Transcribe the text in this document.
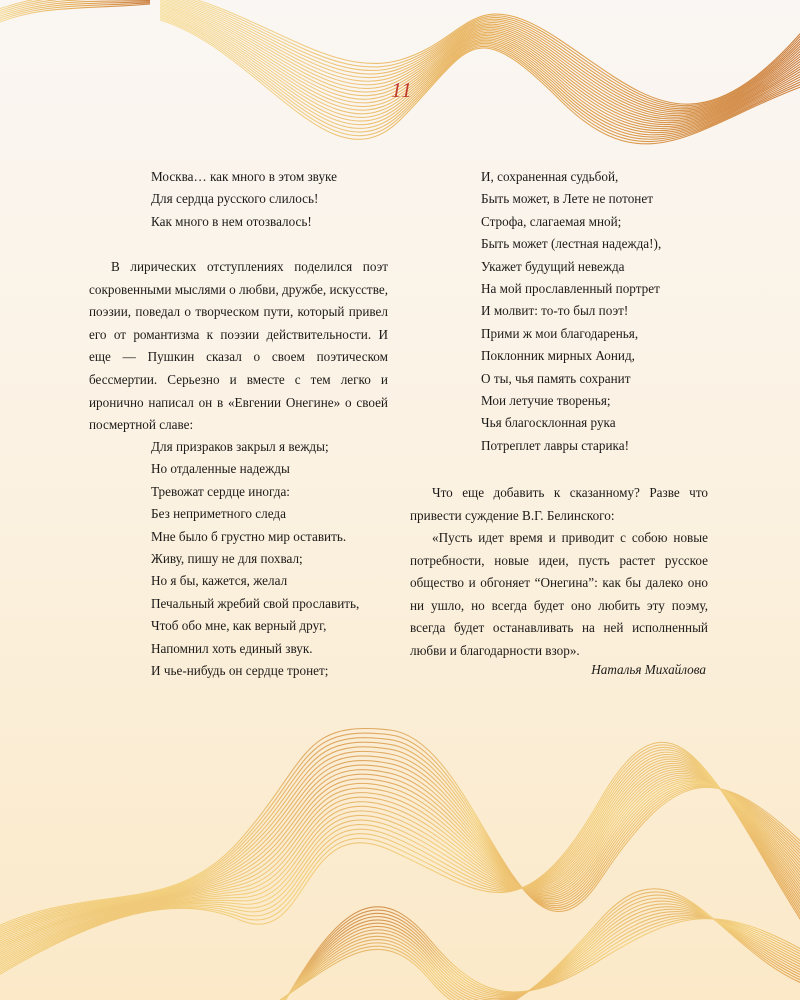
11
Москва… как много в этом звуке
Для сердца русского слилось!
Как много в нем отозвалось!

В лирических отступлениях поделился поэт сокровенными мыслями о любви, дружбе, искусстве, поэзии, поведал о творческом пути, который привел его от романтизма к поэзии действительности. И еще — Пушкин сказал о своем поэтическом бессмертии. Серьезно и вместе с тем легко и иронично написал он в «Евгении Онегине» о своей посмертной славе:

Для призраков закрыл я вежды;
Но отдаленные надежды
Тревожат сердце иногда:
Без неприметного следа
Мне было б грустно мир оставить.
Живу, пишу не для похвал;
Но я бы, кажется, желал
Печальный жребий свой прославить,
Чтоб обо мне, как верный друг,
Напомнил хоть единый звук.
И чье-нибудь он сердце тронет;
И, сохраненная судьбой,
Быть может, в Лете не потонет
Строфа, слагаемая мной;
Быть может (лестная надежда!),
Укажет будущий невежда
На мой прославленный портрет
И молвит: то-то был поэт!
Прими ж мои благодаренья,
Поклонник мирных Аонид,
О ты, чья память сохранит
Мои летучие творенья;
Чья благосклонная рука
Потреплет лавры старика!

Что еще добавить к сказанному? Разве что привести суждение В.Г. Белинского:

«Пусть идет время и приводит с собою новые потребности, новые идеи, пусть растет русское общество и обгоняет “Онегина”: как бы далеко оно ни ушло, но всегда будет оно любить эту поэму, всегда будет останавливать на ней исполненный любви и благодарности взор».

Наталья Михайлова
